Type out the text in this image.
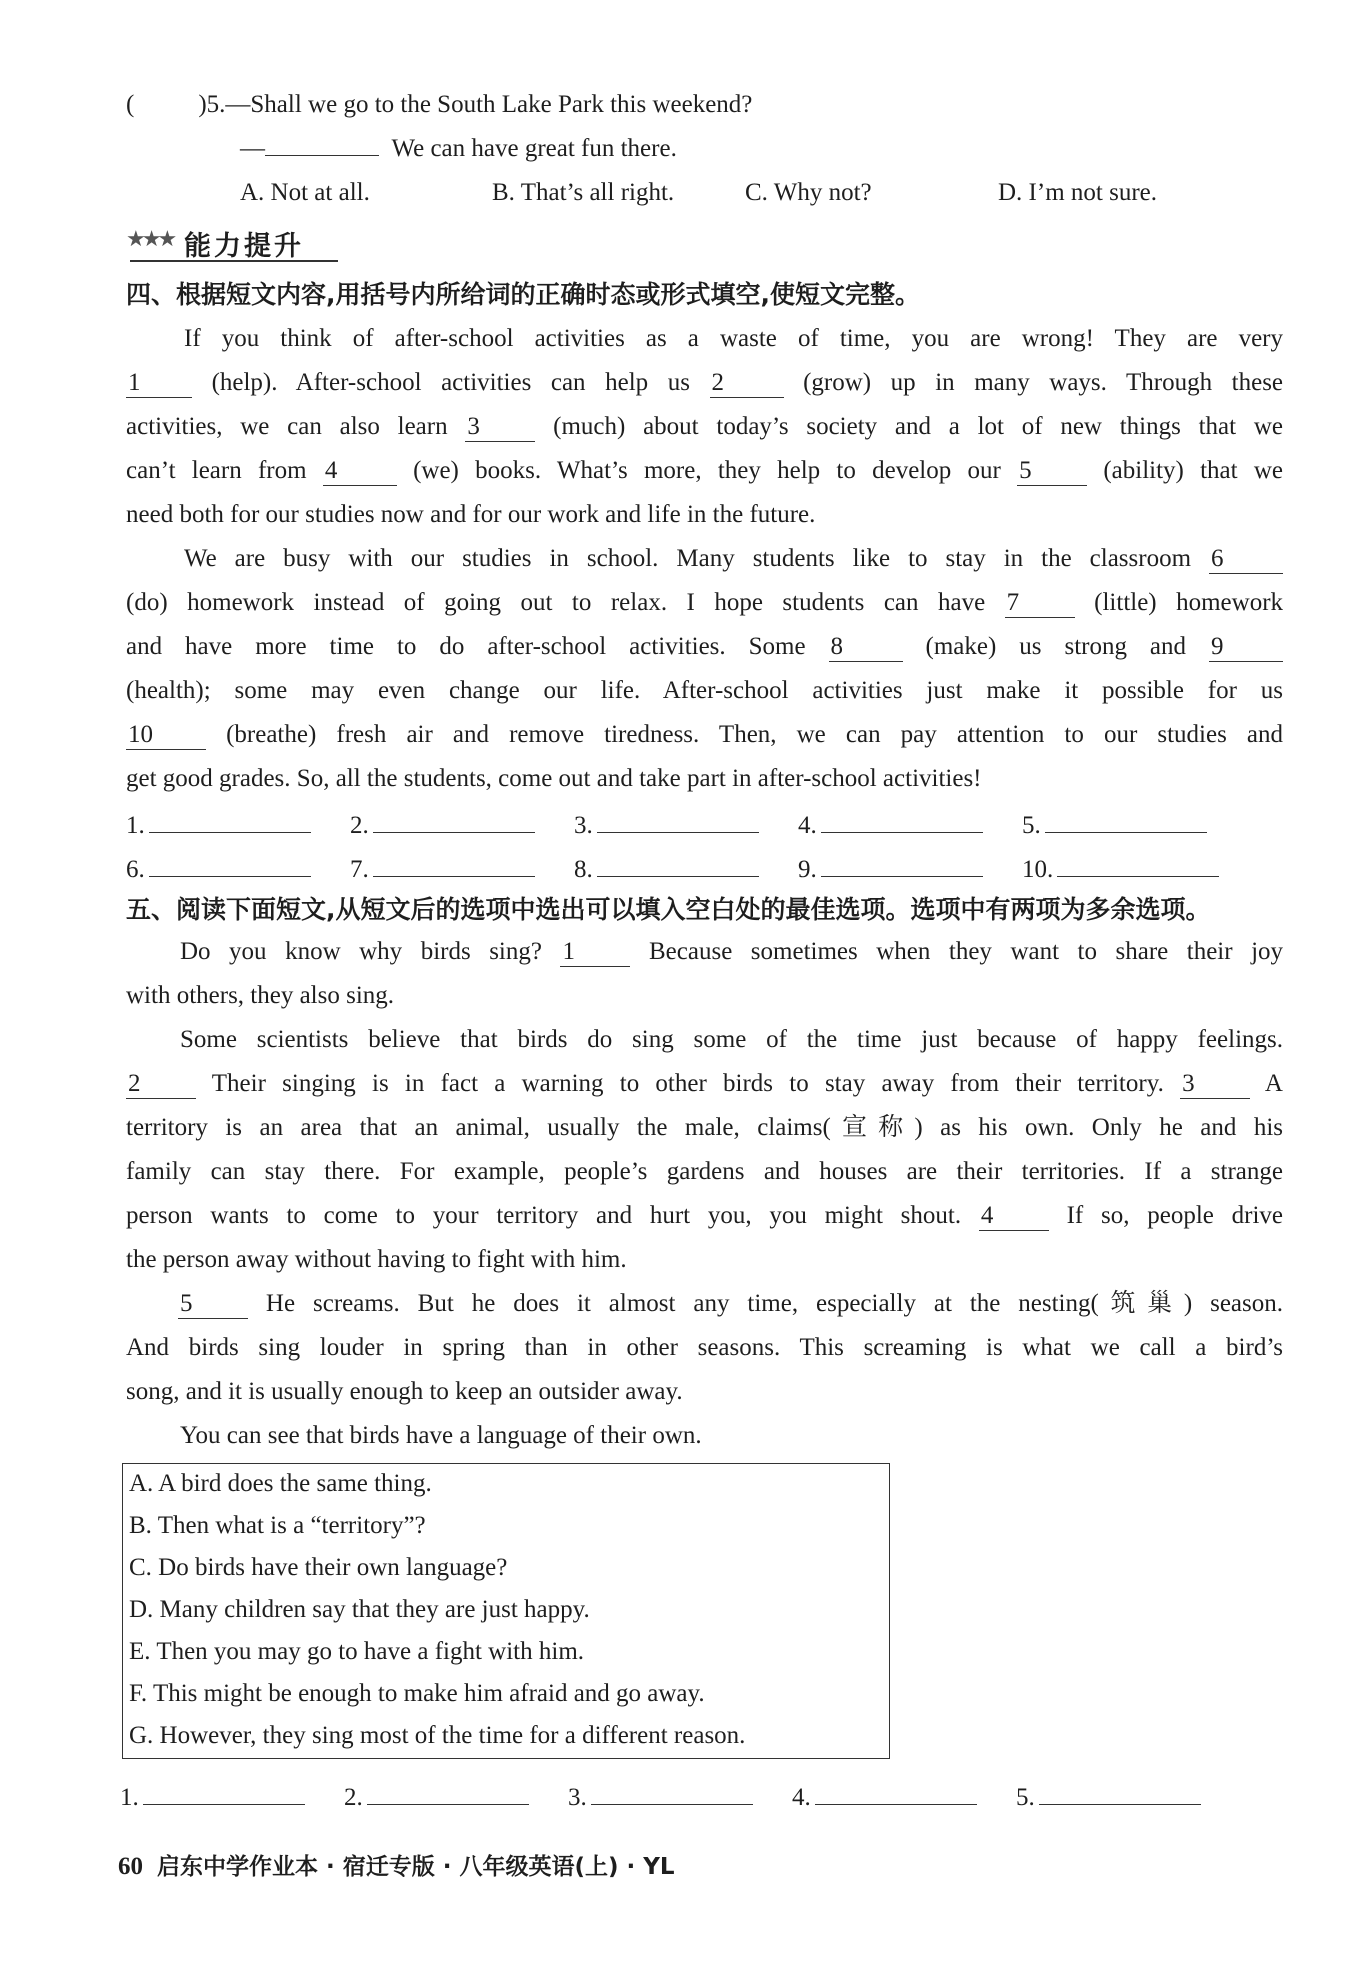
(	)5.—Shall we go to the South Lake Park this weekend?
—	We can have great fun there.
A. Not at all.	B. That’s all right.	C. Why not?	D. I’m not sure.
★★★ 能力提升
四、根据短文内容,用括号内所给词的正确时态或形式填空,使短文完整。
If you think of after-school activities as a waste of time, you are wrong! They are very
1	(help). After-school activities can help us 2	(grow) up in many ways. Through these
activities, we can also learn 3	(much) about today’s society and a lot of new things that we
can’t learn from 4	(we) books. What’s more, they help to develop our 5	(ability) that we
need both for our studies now and for our work and life in the future.
We are busy with our studies in school. Many students like to stay in the classroom 6
(do) homework instead of going out to relax. I hope students can have 7	(little) homework
and have more time to do after-school activities. Some 8	(make) us strong and 9
(health); some may even change our life. After-school activities just make it possible for us
10	(breathe) fresh air and remove tiredness. Then, we can pay attention to our studies and
get good grades. So, all the students, come out and take part in after-school activities!
1.	2.	3.	4.	5.
6.	7.	8.	9.	10.
五、阅读下面短文,从短文后的选项中选出可以填入空白处的最佳选项。选项中有两项为多余选项。
Do you know why birds sing? 1	Because sometimes when they want to share their joy
with others, they also sing.
Some scientists believe that birds do sing some of the time just because of happy feelings.
2	Their singing is in fact a warning to other birds to stay away from their territory. 3	A
territory is an area that an animal, usually the male, claims(宣称) as his own. Only he and his
family can stay there. For example, people’s gardens and houses are their territories. If a strange
person wants to come to your territory and hurt you, you might shout. 4	If so, people drive
the person away without having to fight with him.
5	He screams. But he does it almost any time, especially at the nesting(筑巢) season.
And birds sing louder in spring than in other seasons. This screaming is what we call a bird’s
song, and it is usually enough to keep an outsider away.
You can see that birds have a language of their own.
A. A bird does the same thing.
B. Then what is a “territory”?
C. Do birds have their own language?
D. Many children say that they are just happy.
E. Then you may go to have a fight with him.
F. This might be enough to make him afraid and go away.
G. However, they sing most of the time for a different reason.
1.	2.	3.	4.	5.
60 启东中学作业本 · 宿迁专版 · 八年级英语(上) · YL
